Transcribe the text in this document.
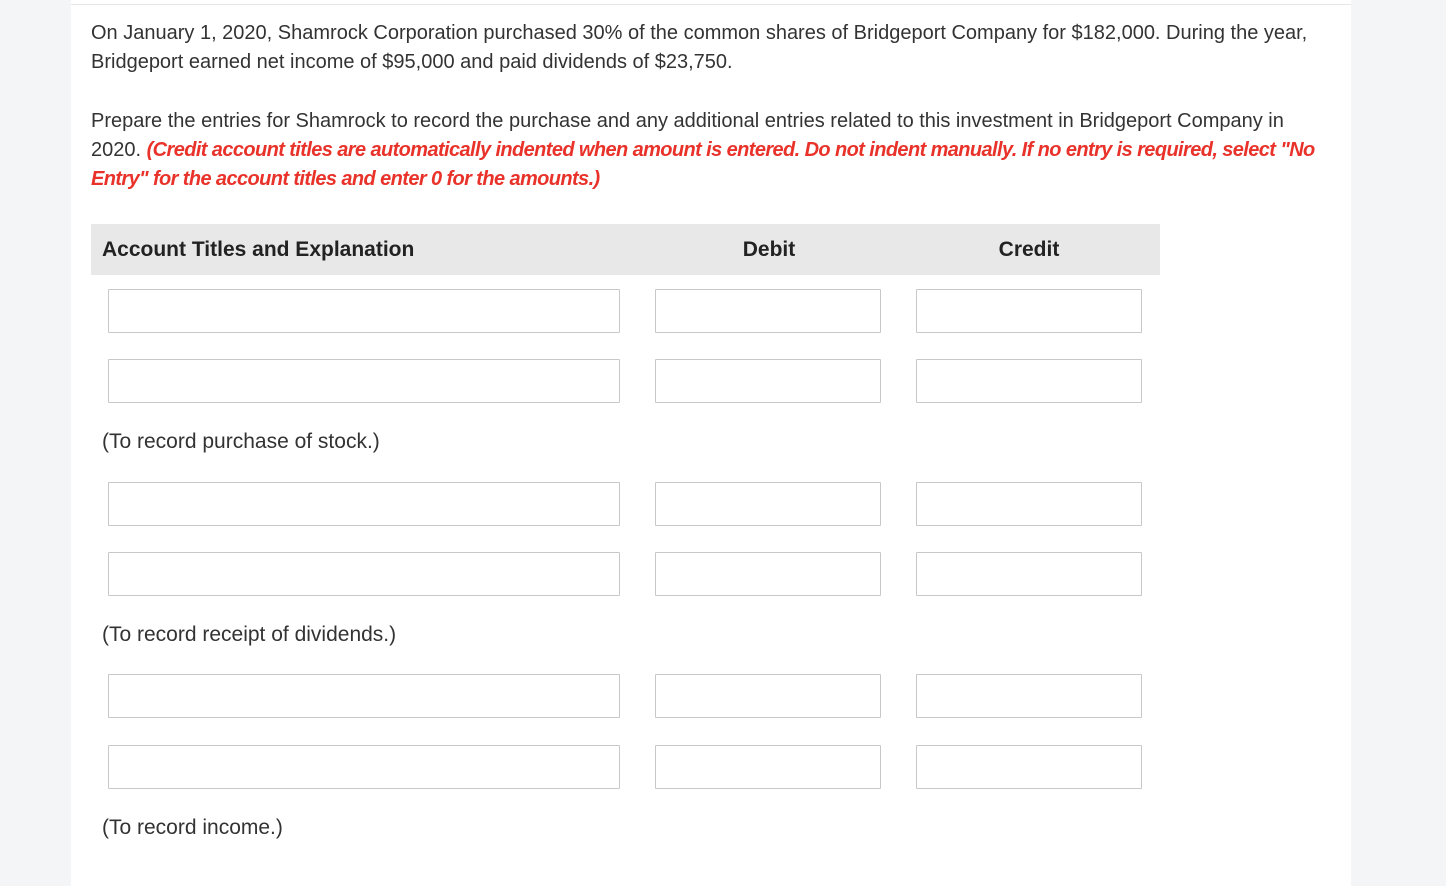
On January 1, 2020, Shamrock Corporation purchased 30% of the common shares of Bridgeport Company for $182,000. During the year, Bridgeport earned net income of $95,000 and paid dividends of $23,750.

Prepare the entries for Shamrock to record the purchase and any additional entries related to this investment in Bridgeport Company in 2020. (Credit account titles are automatically indented when amount is entered. Do not indent manually. If no entry is required, select "No Entry" for the account titles and enter 0 for the amounts.)

Account Titles and Explanation	Debit	Credit
(To record purchase of stock.)
(To record receipt of dividends.)
(To record income.)
